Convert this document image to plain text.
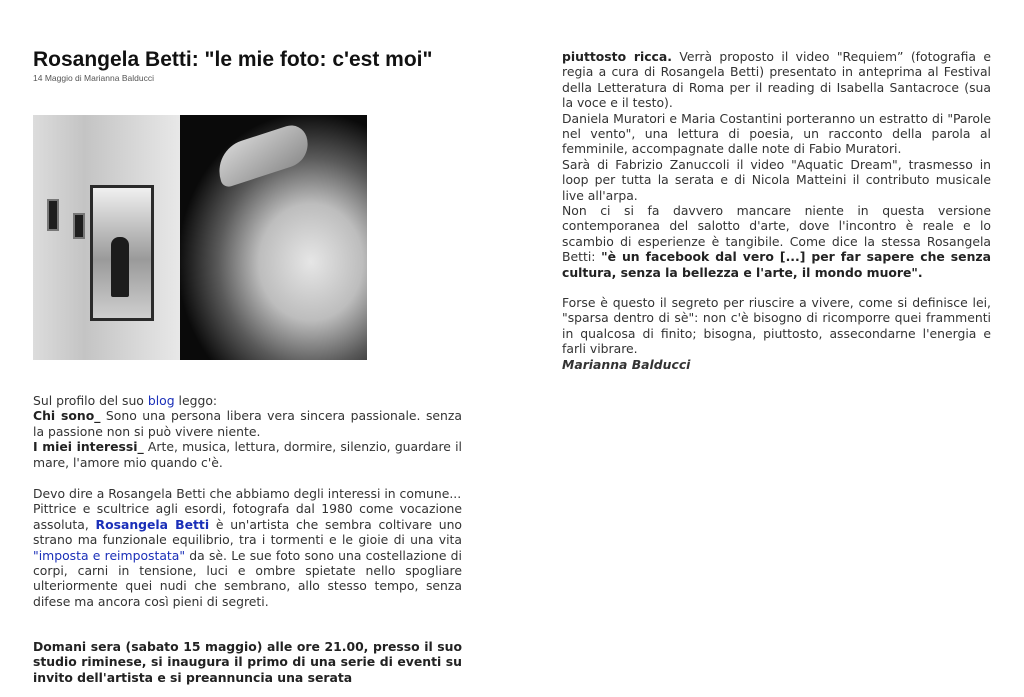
Rosangela Betti: "le mie foto: c'est moi"

14 Maggio di Marianna Balducci

Sul profilo del suo blog leggo:
Chi sono_ Sono una persona libera vera sincera passionale. senza la passione non si può vivere niente.
I miei interessi_ Arte, musica, lettura, dormire, silenzio, guardare il mare, l'amore mio quando c'è.

Devo dire a Rosangela Betti che abbiamo degli interessi in comune...
Pittrice e scultrice agli esordi, fotografa dal 1980 come vocazione assoluta, Rosangela Betti è un'artista che sembra coltivare uno strano ma funzionale equilibrio, tra i tormenti e le gioie di una vita "imposta e reimpostata" da sè. Le sue foto sono una costellazione di corpi, carni in tensione, luci e ombre spietate nello spogliare ulteriormente quei nudi che sembrano, allo stesso tempo, senza difese ma ancora così pieni di segreti.

Domani sera (sabato 15 maggio) alle ore 21.00, presso il suo studio riminese, si inaugura il primo di una serie di eventi su invito dell'artista e si preannuncia una serata

piuttosto ricca. Verrà proposto il video "Requiem” (fotografia e regia a cura di Rosangela Betti) presentato in anteprima al Festival della Letteratura di Roma per il reading di Isabella Santacroce (sua la voce e il testo).
Daniela Muratori e Maria Costantini porteranno un estratto di "Parole nel vento", una lettura di poesia, un racconto della parola al femminile, accompagnate dalle note di Fabio Muratori.
Sarà di Fabrizio Zanuccoli il video "Aquatic Dream", trasmesso in loop per tutta la serata e di Nicola Matteini il contributo musicale live all'arpa.
Non ci si fa davvero mancare niente in questa versione contemporanea del salotto d'arte, dove l'incontro è reale e lo scambio di esperienze è tangibile. Come dice la stessa Rosangela Betti: "è un facebook dal vero [...] per far sapere che senza cultura, senza la bellezza e l'arte, il mondo muore".

Forse è questo il segreto per riuscire a vivere, come si definisce lei, "sparsa dentro di sè": non c'è bisogno di ricomporre quei frammenti in qualcosa di finito; bisogna, piuttosto, assecondarne l'energia e farli vibrare.
Marianna Balducci
